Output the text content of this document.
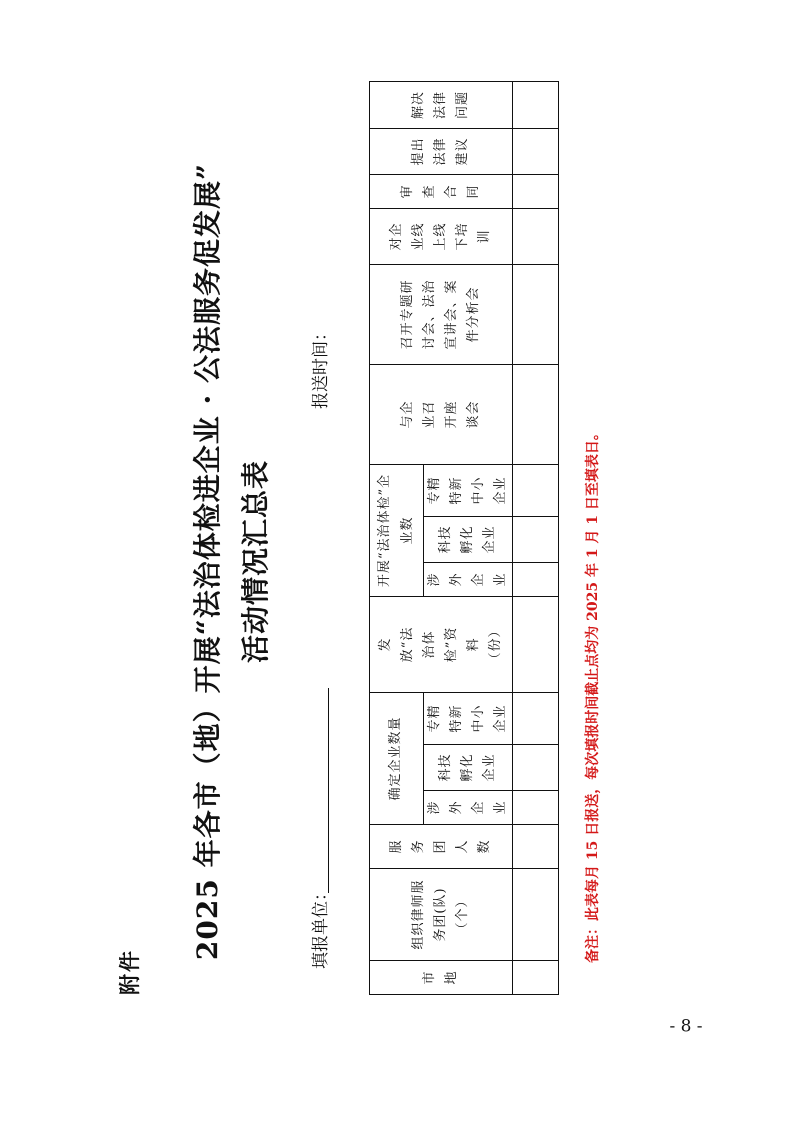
附件
2025 年各市（地）开展“法治体检进企业 · 公法服务促发展” 活动情况汇总表
填报单位：
报送时间：
市地	组织律师服务团(队)（个）	服务团人数	确定企业数量			发放“法治体检”资料（份）	开展“法治体检”企业数			与企业召开座谈会	召开专题研讨会、法治宣讲会、案件分析会	对企业线上线下培训	审查合同	提出法律建议	解决法律问题
			涉外企业	科技孵化企业	专精特新中小企业		涉外企业	科技孵化企业	专精特新中小企业						

																备注：此表每月 15 日报送，每次填报时间截止点均为 2025 年 1 月 1 日至填表日。
- 8 -
